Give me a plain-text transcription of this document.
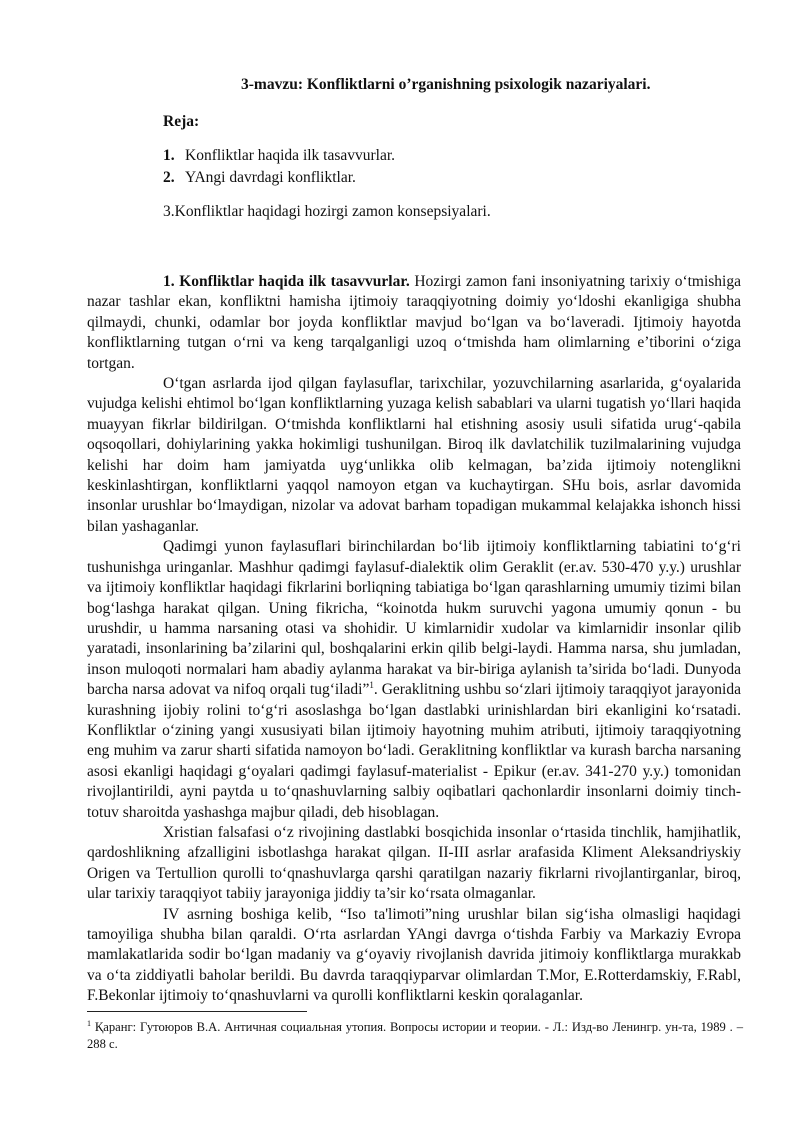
3-mavzu: Konfliktlarni o’rganishning psixologik nazariyalari.
Reja:
1. Konfliktlar haqida ilk tasavvurlar.
2. YAngi davrdagi konfliktlar.
3.Konfliktlar haqidagi hozirgi zamon konsepsiyalari.

1. Konfliktlar haqida ilk tasavvurlar. Hozirgi zamon fani insoniyatning tarixiy oʻtmishiga nazar tashlar ekan, konfliktni hamisha ijtimoiy taraqqiyotning doimiy yoʻldoshi ekanligiga shubha qilmaydi, chunki, odamlar bor joyda konfliktlar mavjud boʻlgan va boʻlaveradi. Ijtimoiy hayotda konfliktlarning tutgan oʻrni va keng tarqalganligi uzoq oʻtmishda ham olimlarning e’tiborini oʻziga tortgan.

Oʻtgan asrlarda ijod qilgan faylasuflar, tarixchilar, yozuvchilarning asarlarida, gʻoyalarida vujudga kelishi ehtimol boʻlgan konfliktlarning yuzaga kelish sabablari va ularni tugatish yoʻllari haqida muayyan fikrlar bildirilgan. Oʻtmishda konfliktlarni hal etishning asosiy usuli sifatida urugʻ-qabila oqsoqollari, dohiylarining yakka hokimligi tushunilgan. Biroq ilk davlatchilik tuzilmalarining vujudga kelishi har doim ham jamiyatda uygʻunlikka olib kelmagan, ba’zida ijtimoiy notenglikni keskinlashtirgan, konfliktlarni yaqqol namoyon etgan va kuchaytirgan. SHu bois, asrlar davomida insonlar urushlar boʻlmaydigan, nizolar va adovat barham topadigan mukammal kelajakka ishonch hissi bilan yashaganlar.

Qadimgi yunon faylasuflari birinchilardan boʻlib ijtimoiy konfliktlarning tabiatini toʻgʻri tushunishga uringanlar. Mashhur qadimgi faylasuf-dialektik olim Geraklit (er.av. 530-470 y.y.) urushlar va ijtimoiy konfliktlar haqidagi fikrlarini borliqning tabiatiga boʻlgan qarashlarning umumiy tizimi bilan bogʻlashga harakat qilgan. Uning fikricha, “koinotda hukm suruvchi yagona umumiy qonun - bu urushdir, u hamma narsaning otasi va shohidir. U kimlarnidir xudolar va kimlarnidir insonlar qilib yaratadi, insonlarining ba’zilarini qul, boshqalarini erkin qilib belgi-laydi. Hamma narsa, shu jumladan, inson muloqoti normalari ham abadiy aylanma harakat va bir-biriga aylanish ta’sirida boʻladi. Dunyoda barcha narsa adovat va nifoq orqali tugʻiladi”$^1$. Geraklitning ushbu soʻzlari ijtimoiy taraqqiyot jarayonida kurashning ijobiy rolini toʻgʻri asoslashga boʻlgan dastlabki urinishlardan biri ekanligini koʻrsatadi. Konfliktlar oʻzining yangi xususiyati bilan ijtimoiy hayotning muhim atributi, ijtimoiy taraqqiyotning eng muhim va zarur sharti sifatida namoyon boʻladi. Geraklitning konfliktlar va kurash barcha narsaning asosi ekanligi haqidagi gʻoyalari qadimgi faylasuf-materialist - Epikur (er.av. 341-270 y.y.) tomonidan rivojlantirildi, ayni paytda u toʻqnashuvlarning salbiy oqibatlari qachonlardir insonlarni doimiy tinch-totuv sharoitda yashashga majbur qiladi, deb hisoblagan.

Xristian falsafasi oʻz rivojining dastlabki bosqichida insonlar oʻrtasida tinchlik, hamjihatlik, qardoshlikning afzalligini isbotlashga harakat qilgan. II-III asrlar arafasida Kliment Aleksandriyskiy Origen va Tertullion qurolli toʻqnashuvlarga qarshi qaratilgan nazariy fikrlarni rivojlantirganlar, biroq, ular tarixiy taraqqiyot tabiiy jarayoniga jiddiy ta’sir koʻrsata olmaganlar.

IV asrning boshiga kelib, “Iso ta'limoti”ning urushlar bilan sigʻisha olmasligi haqidagi tamoyiliga shubha bilan qaraldi. Oʻrta asrlardan YAngi davrga oʻtishda Farbiy va Markaziy Evropa mamlakatlarida sodir boʻlgan madaniy va gʻoyaviy rivojlanish davrida jitimoiy konfliktlarga murakkab va oʻta ziddiyatli baholar berildi. Bu davrda taraqqiyparvar olimlardan T.Mor, E.Rotterdamskiy, F.Rabl, F.Bekonlar ijtimoiy toʻqnashuvlarni va qurolli konfliktlarni keskin qoralaganlar.

$^1$ Қаранг: Гутоюров В.А. Античная социальная утопия. Вопросы истории и теории. - Л.: Изд-во Ленингр. ун-та, 1989 . – 288 с.
